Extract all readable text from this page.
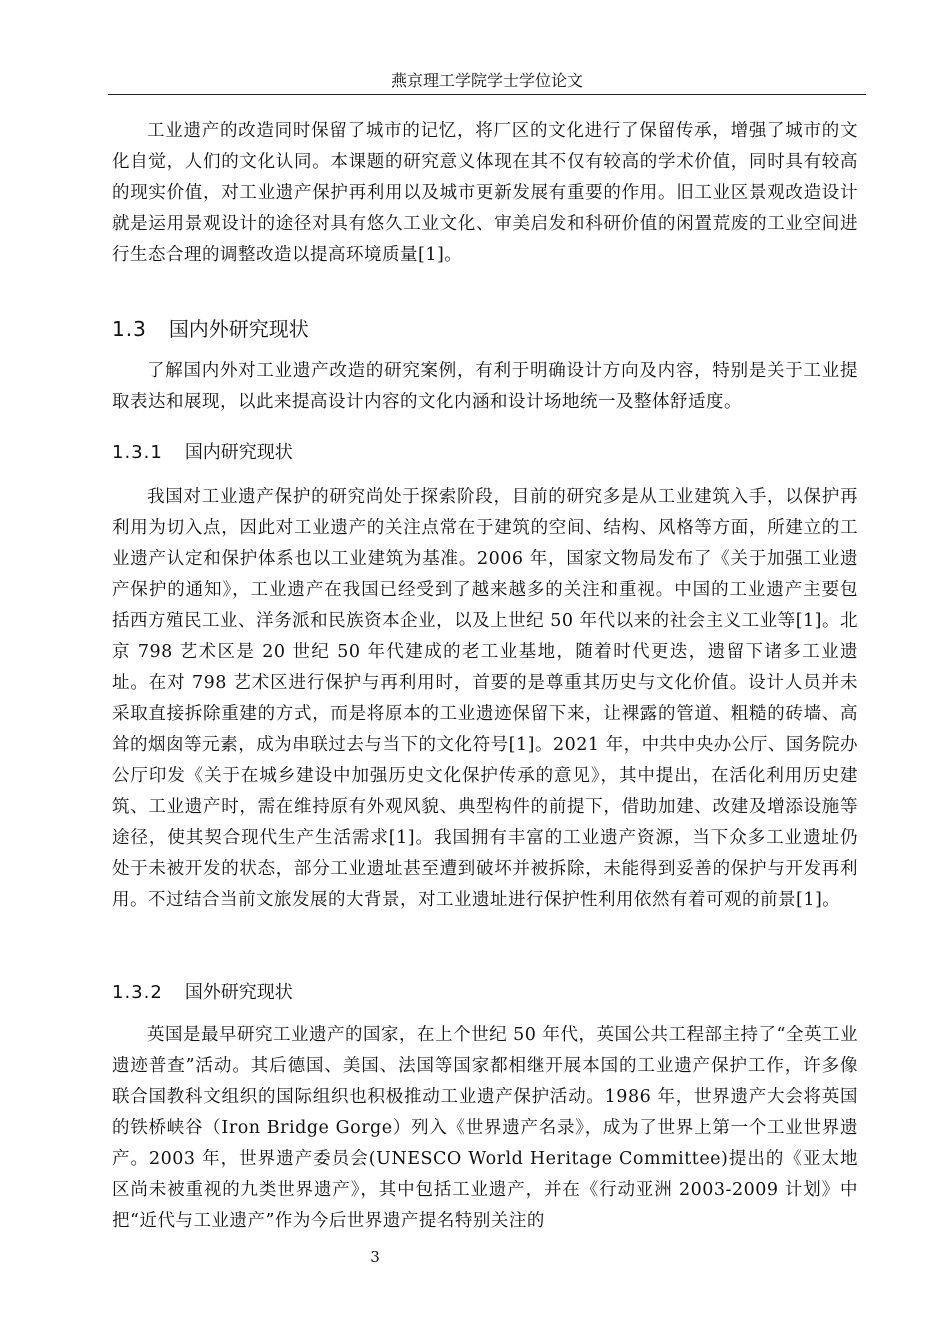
燕京理工学院学士学位论文

工业遗产的改造同时保留了城市的记忆，将厂区的文化进行了保留传承，增强了城市的文化自觉，人们的文化认同。本课题的研究意义体现在其不仅有较高的学术价值，同时具有较高的现实价值，对工业遗产保护再利用以及城市更新发展有重要的作用。旧工业区景观改造设计就是运用景观设计的途径对具有悠久工业文化、审美启发和科研价值的闲置荒废的工业空间进行生态合理的调整改造以提高环境质量[1]。

1.3 国内外研究现状

了解国内外对工业遗产改造的研究案例，有利于明确设计方向及内容，特别是关于工业提取表达和展现，以此来提高设计内容的文化内涵和设计场地统一及整体舒适度。

1.3.1 国内研究现状

我国对工业遗产保护的研究尚处于探索阶段，目前的研究多是从工业建筑入手，以保护再利用为切入点，因此对工业遗产的关注点常在于建筑的空间、结构、风格等方面，所建立的工业遗产认定和保护体系也以工业建筑为基准。2006 年，国家文物局发布了《关于加强工业遗产保护的通知》，工业遗产在我国已经受到了越来越多的关注和重视。中国的工业遗产主要包括西方殖民工业、洋务派和民族资本企业，以及上世纪 50 年代以来的社会主义工业等[1]。北京 798 艺术区是 20 世纪 50 年代建成的老工业基地，随着时代更迭，遗留下诸多工业遗址。在对 798 艺术区进行保护与再利用时，首要的是尊重其历史与文化价值。设计人员并未采取直接拆除重建的方式，而是将原本的工业遗迹保留下来，让裸露的管道、粗糙的砖墙、高耸的烟囱等元素，成为串联过去与当下的文化符号[1]。2021 年，中共中央办公厅、国务院办公厅印发《关于在城乡建设中加强历史文化保护传承的意见》，其中提出，在活化利用历史建筑、工业遗产时，需在维持原有外观风貌、典型构件的前提下，借助加建、改建及增添设施等途径，使其契合现代生产生活需求[1]。我国拥有丰富的工业遗产资源，当下众多工业遗址仍处于未被开发的状态，部分工业遗址甚至遭到破坏并被拆除，未能得到妥善的保护与开发再利用。不过结合当前文旅发展的大背景，对工业遗址进行保护性利用依然有着可观的前景[1]。

1.3.2 国外研究现状

英国是最早研究工业遗产的国家，在上个世纪 50 年代，英国公共工程部主持了“全英工业遗迹普查”活动。其后德国、美国、法国等国家都相继开展本国的工业遗产保护工作，许多像联合国教科文组织的国际组织也积极推动工业遗产保护活动。1986 年，世界遗产大会将英国的铁桥峡谷（Iron Bridge Gorge）列入《世界遗产名录》，成为了世界上第一个工业世界遗产。2003 年，世界遗产委员会(UNESCO World Heritage Committee)提出的《亚太地区尚未被重视的九类世界遗产》，其中包括工业遗产，并在《行动亚洲 2003-2009 计划》中把“近代与工业遗产”作为今后世界遗产提名特别关注的

3
